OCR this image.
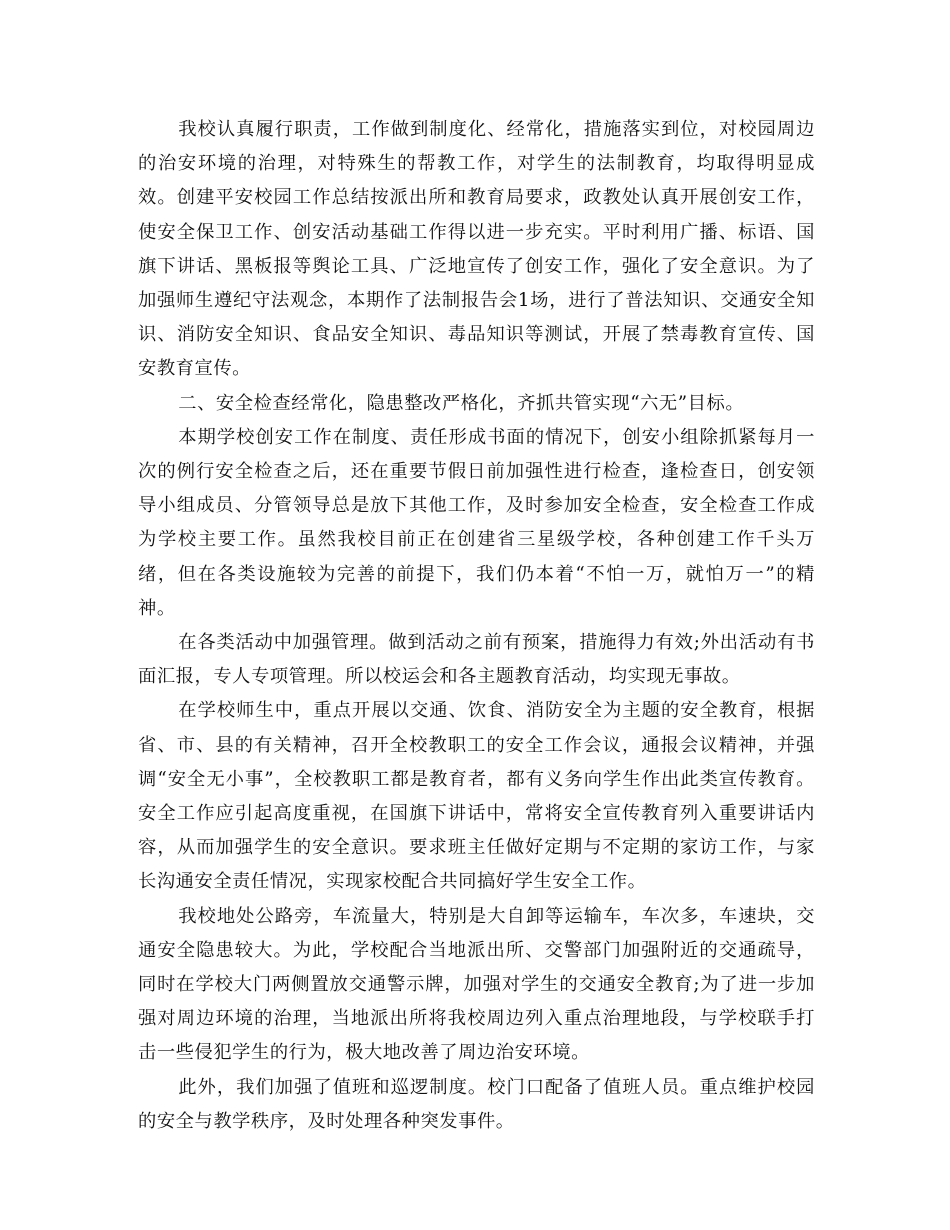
我校认真履行职责，工作做到制度化、经常化，措施落实到位，对校园周边的治安环境的治理，对特殊生的帮教工作，对学生的法制教育，均取得明显成效。创建平安校园工作总结按派出所和教育局要求，政教处认真开展创安工作，使安全保卫工作、创安活动基础工作得以进一步充实。平时利用广播、标语、国旗下讲话、黑板报等舆论工具、广泛地宣传了创安工作，强化了安全意识。为了加强师生遵纪守法观念，本期作了法制报告会1场，进行了普法知识、交通安全知识、消防安全知识、食品安全知识、毒品知识等测试，开展了禁毒教育宣传、国安教育宣传。

二、安全检查经常化，隐患整改严格化，齐抓共管实现“六无”目标。

本期学校创安工作在制度、责任形成书面的情况下，创安小组除抓紧每月一次的例行安全检查之后，还在重要节假日前加强性进行检查，逢检查日，创安领导小组成员、分管领导总是放下其他工作，及时参加安全检查，安全检查工作成为学校主要工作。虽然我校目前正在创建省三星级学校，各种创建工作千头万绪，但在各类设施较为完善的前提下，我们仍本着“不怕一万，就怕万一”的精神。

在各类活动中加强管理。做到活动之前有预案，措施得力有效;外出活动有书面汇报，专人专项管理。所以校运会和各主题教育活动，均实现无事故。

在学校师生中，重点开展以交通、饮食、消防安全为主题的安全教育，根据省、市、县的有关精神，召开全校教职工的安全工作会议，通报会议精神，并强调“安全无小事”，全校教职工都是教育者，都有义务向学生作出此类宣传教育。安全工作应引起高度重视，在国旗下讲话中，常将安全宣传教育列入重要讲话内容，从而加强学生的安全意识。要求班主任做好定期与不定期的家访工作，与家长沟通安全责任情况，实现家校配合共同搞好学生安全工作。

我校地处公路旁，车流量大，特别是大自卸等运输车，车次多，车速块，交通安全隐患较大。为此，学校配合当地派出所、交警部门加强附近的交通疏导，同时在学校大门两侧置放交通警示牌，加强对学生的交通安全教育;为了进一步加强对周边环境的治理，当地派出所将我校周边列入重点治理地段，与学校联手打击一些侵犯学生的行为，极大地改善了周边治安环境。

此外，我们加强了值班和巡逻制度。校门口配备了值班人员。重点维护校园的安全与教学秩序，及时处理各种突发事件。
